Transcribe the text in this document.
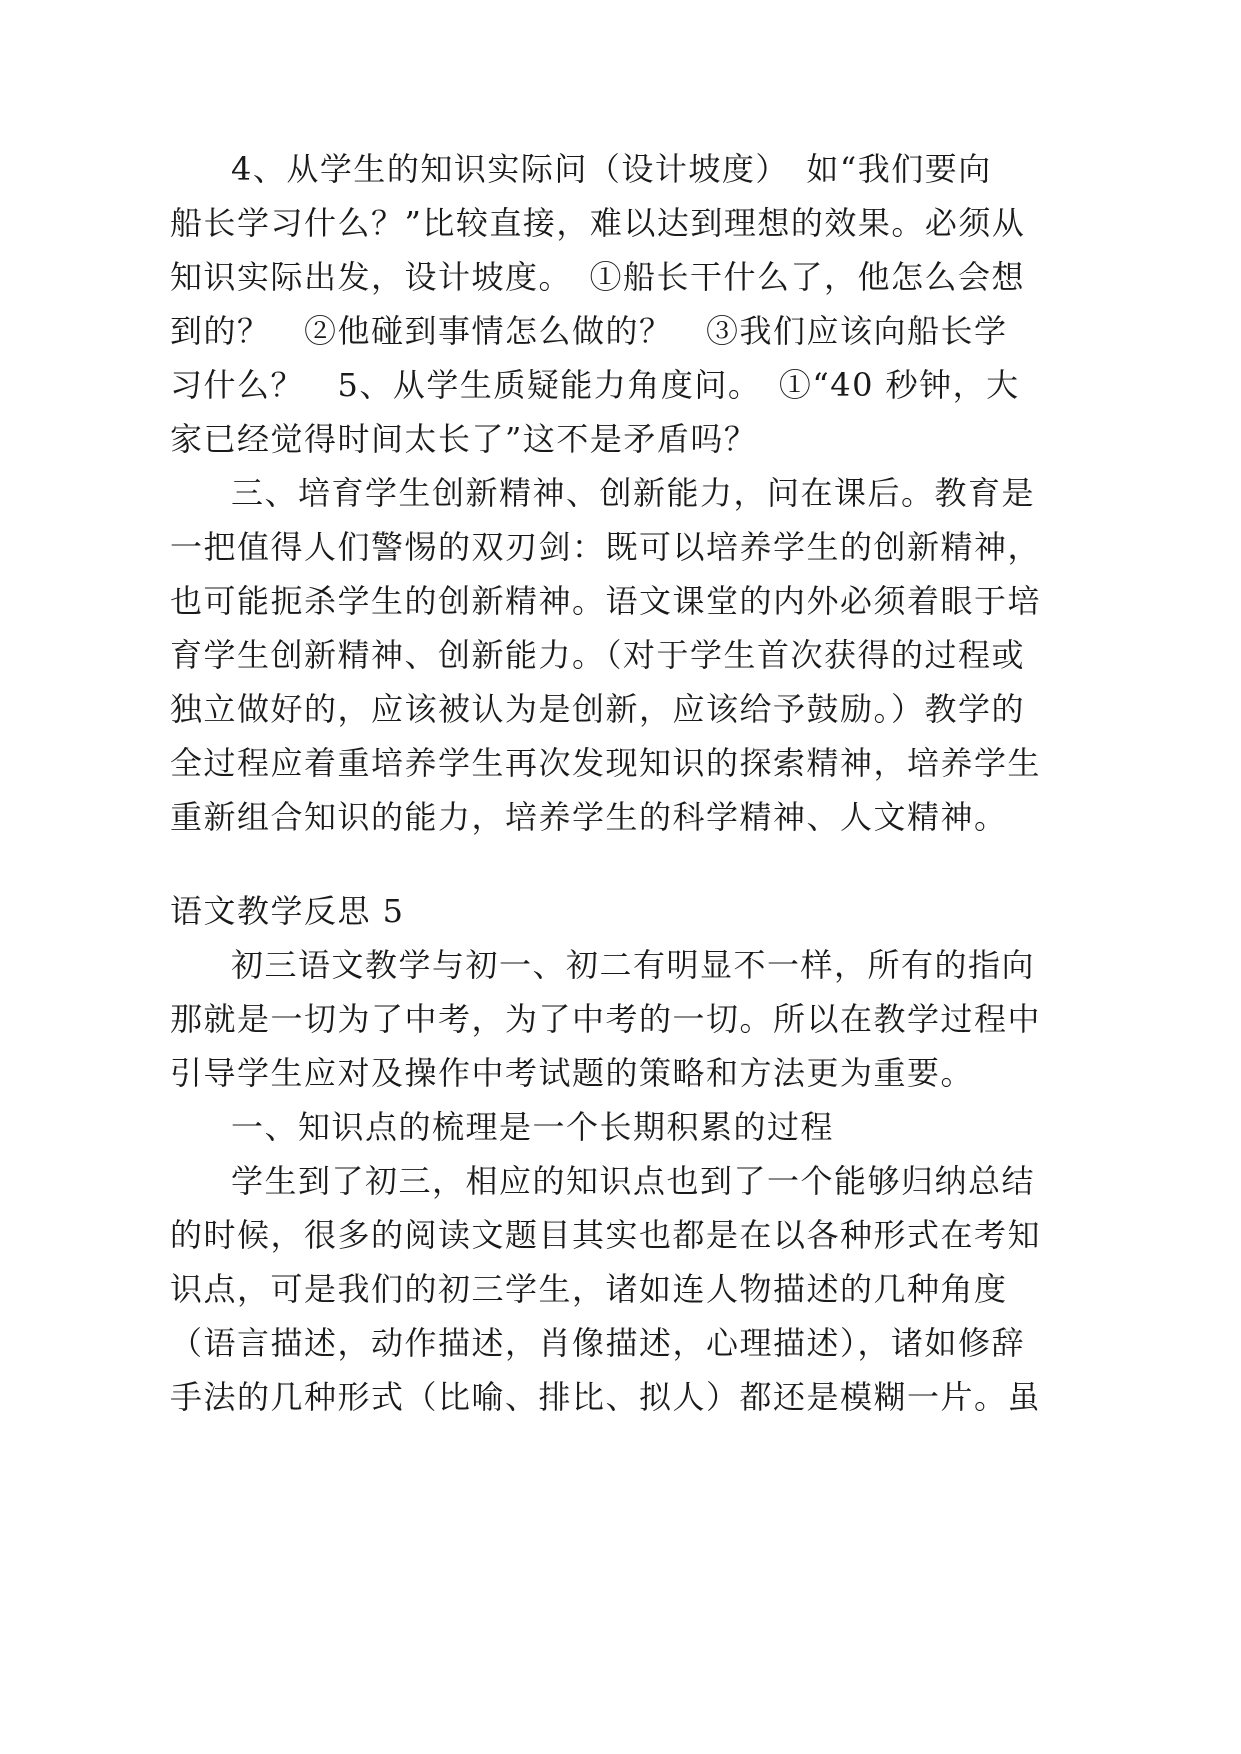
4、从学生的知识实际问（设计坡度）　如“我们要向
船长学习什么？”比较直接，难以达到理想的效果。必须从
知识实际出发，设计坡度。　①船长干什么了，他怎么会想
到的？　②他碰到事情怎么做的？　③我们应该向船长学
习什么？　5、从学生质疑能力角度问。　①“40 秒钟，大
家已经觉得时间太长了”这不是矛盾吗？
三、培育学生创新精神、创新能力，问在课后。教育是
一把值得人们警惕的双刃剑：既可以培养学生的创新精神，
也可能扼杀学生的创新精神。语文课堂的内外必须着眼于培
育学生创新精神、创新能力。（对于学生首次获得的过程或
独立做好的，应该被认为是创新，应该给予鼓励。）教学的
全过程应着重培养学生再次发现知识的探索精神，培养学生
重新组合知识的能力，培养学生的科学精神、人文精神。
语文教学反思 5
初三语文教学与初一、初二有明显不一样，所有的指向
那就是一切为了中考，为了中考的一切。所以在教学过程中
引导学生应对及操作中考试题的策略和方法更为重要。
一、知识点的梳理是一个长期积累的过程
学生到了初三，相应的知识点也到了一个能够归纳总结
的时候，很多的阅读文题目其实也都是在以各种形式在考知
识点，可是我们的初三学生，诸如连人物描述的几种角度
（语言描述，动作描述，肖像描述，心理描述），诸如修辞
手法的几种形式（比喻、排比、拟人）都还是模糊一片。虽
